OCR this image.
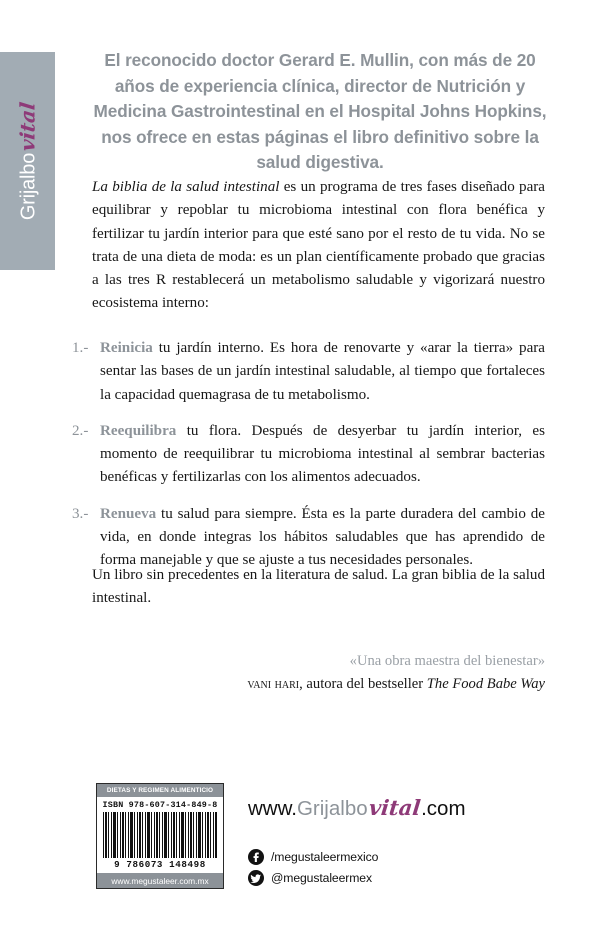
Grijalbo
vital
El reconocido doctor Gerard E. Mullin, con más de 20 años de experiencia clínica, director de Nutrición y Medicina Gastrointestinal en el Hospital Johns Hopkins, nos ofrece en estas páginas el libro definitivo sobre la salud digestiva.

La biblia de la salud intestinal es un programa de tres fases diseñado para equilibrar y repoblar tu microbioma intestinal con flora benéfica y fertilizar tu jardín interior para que esté sano por el resto de tu vida. No se trata de una dieta de moda: es un plan científicamente probado que gracias a las tres R restablecerá un metabolismo saludable y vigorizará nuestro ecosistema interno:

1.- Reinicia tu jardín interno. Es hora de renovarte y «arar la tierra» para sentar las bases de un jardín intestinal saludable, al tiempo que fortaleces la capacidad quemagrasa de tu metabolismo.
2.- Reequilibra tu flora. Después de desyerbar tu jardín interior, es momento de reequilibrar tu microbioma intestinal al sembrar bacterias benéficas y fertilizarlas con los alimentos adecuados.
3.- Renueva tu salud para siempre. Ésta es la parte duradera del cambio de vida, en donde integras los hábitos saludables que has aprendido de forma manejable y que se ajuste a tus necesidades personales.

Un libro sin precedentes en la literatura de salud. La gran biblia de la salud intestinal.

«Una obra maestra del bienestar»
vani hari, autora del bestseller The Food Babe Way
DIETAS Y REGIMEN ALIMENTICIO
ISBN 978-607-314-849-8
9 786073 148498
www.megustaleer.com.mx
www. Grijalbo vital .com
/megustaleermexico
@megustaleermex
